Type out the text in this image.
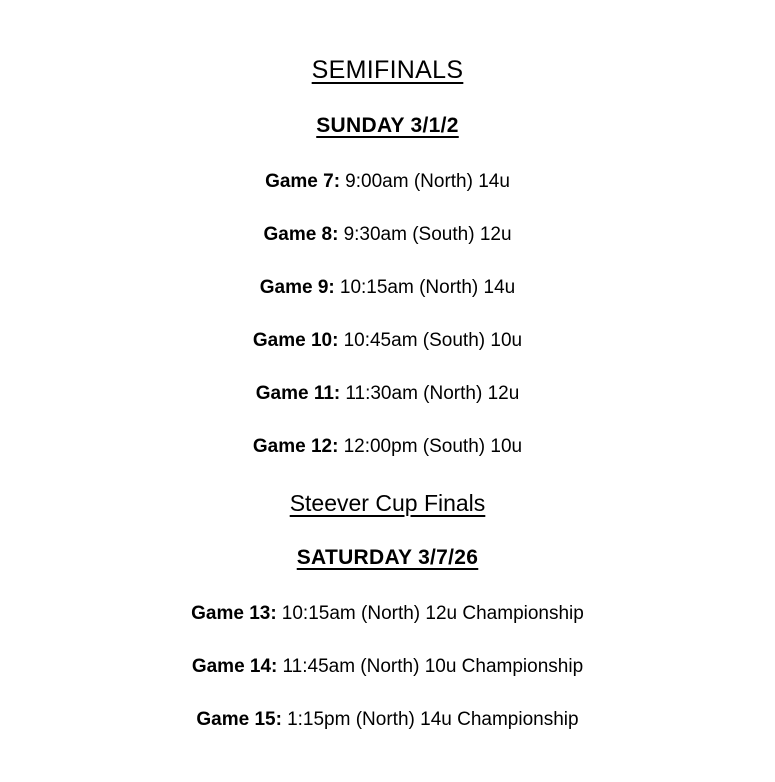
SEMIFINALS
SUNDAY 3/1/2

Game 7: 9:00am (North) 14u

Game 8: 9:30am (South) 12u

Game 9: 10:15am (North) 14u

Game 10: 10:45am (South) 10u

Game 11: 11:30am (North) 12u

Game 12: 12:00pm (South) 10u

Steever Cup Finals
SATURDAY 3/7/26

Game 13: 10:15am (North) 12u Championship

Game 14: 11:45am (North) 10u Championship

Game 15: 1:15pm (North) 14u Championship
